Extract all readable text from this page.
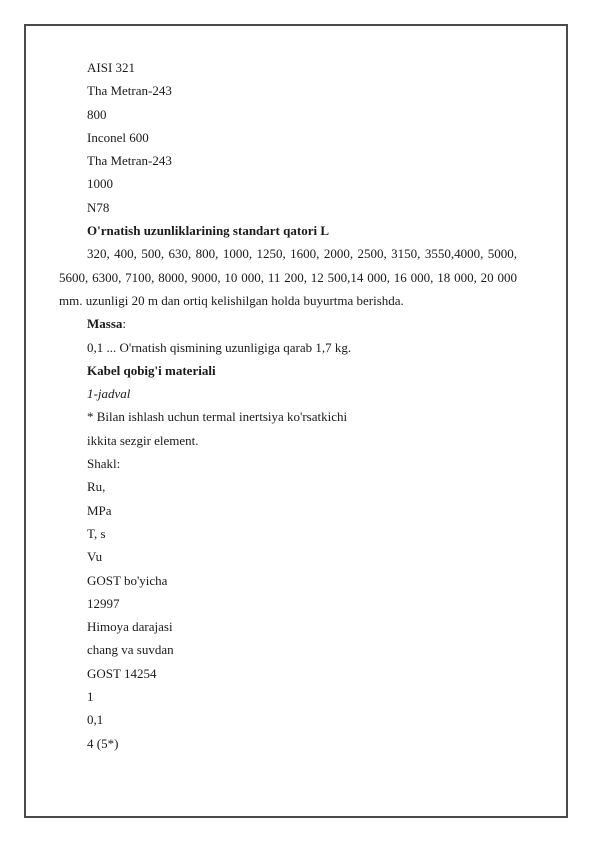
AISI 321
Tha Metran-243
800
Inconel 600
Tha Metran-243
1000
N78
O'rnatish uzunliklarining standart qatori L
320, 400, 500, 630, 800, 1000, 1250, 1600, 2000, 2500, 3150, 3550,4000, 5000, 5600, 6300, 7100, 8000, 9000, 10 000, 11 200, 12 500,14 000, 16 000, 18 000, 20 000 mm. uzunligi 20 m dan ortiq kelishilgan holda buyurtma berishda.
Massa:
0,1 ... O'rnatish qismining uzunligiga qarab 1,7 kg.
Kabel qobig'i materiali
1-jadval
* Bilan ishlash uchun termal inertsiya ko'rsatkichi
ikkita sezgir element.
Shakl:
Ru,
MPa
T, s
Vu
GOST bo'yicha
12997
Himoya darajasi
chang va suvdan
GOST 14254
1
0,1
4 (5*)
